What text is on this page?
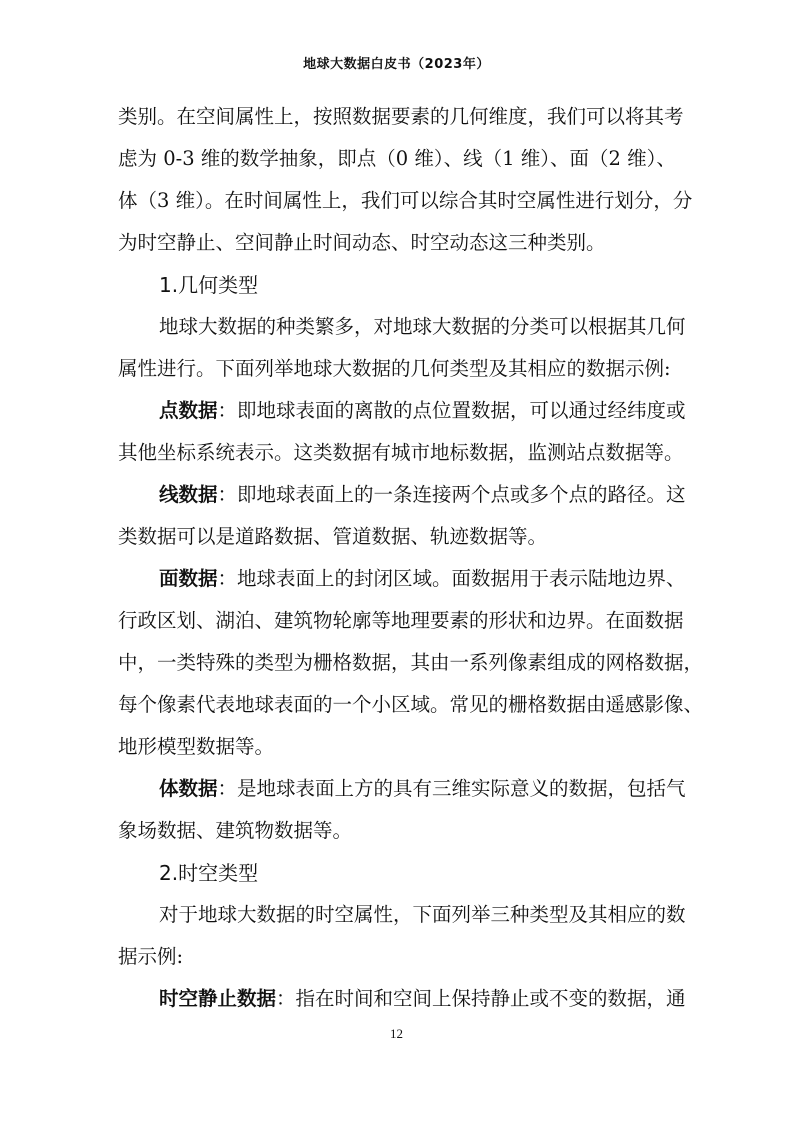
地球大数据白皮书（2023年）
类别。在空间属性上，按照数据要素的几何维度，我们可以将其考
虑为 0-3 维的数学抽象，即点（0 维）、线（1 维）、面（2 维）、
体（3 维）。在时间属性上，我们可以综合其时空属性进行划分，分
为时空静止、空间静止时间动态、时空动态这三种类别。
1.几何类型
地球大数据的种类繁多，对地球大数据的分类可以根据其几何
属性进行。下面列举地球大数据的几何类型及其相应的数据示例:
点数据：即地球表面的离散的点位置数据，可以通过经纬度或
其他坐标系统表示。这类数据有城市地标数据，监测站点数据等。
线数据：即地球表面上的一条连接两个点或多个点的路径。这
类数据可以是道路数据、管道数据、轨迹数据等。
面数据：地球表面上的封闭区域。面数据用于表示陆地边界、
行政区划、湖泊、建筑物轮廓等地理要素的形状和边界。在面数据
中，一类特殊的类型为栅格数据，其由一系列像素组成的网格数据，
每个像素代表地球表面的一个小区域。常见的栅格数据由遥感影像、
地形模型数据等。
体数据：是地球表面上方的具有三维实际意义的数据，包括气
象场数据、建筑物数据等。
2.时空类型
对于地球大数据的时空属性，下面列举三种类型及其相应的数
据示例:
时空静止数据：指在时间和空间上保持静止或不变的数据，通
12
